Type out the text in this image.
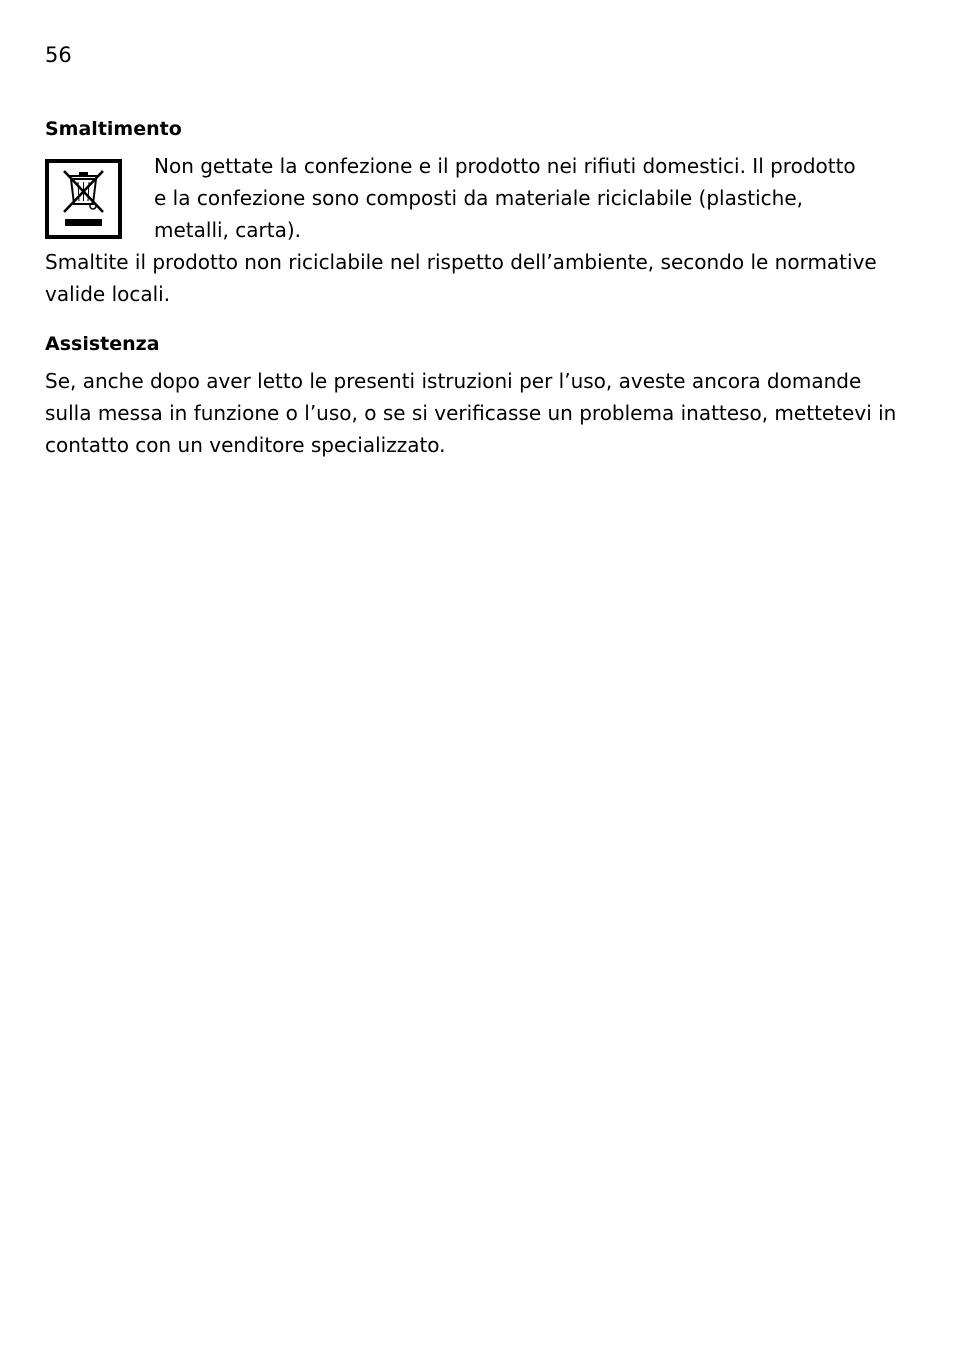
56
Smaltimento

Non gettate la confezione e il prodotto nei rifiuti domestici. Il prodotto e la confezione sono composti da materiale riciclabile (plastiche, metalli, carta).

Smaltite il prodotto non riciclabile nel rispetto dell’ambiente, secondo le normative valide locali.

Assistenza

Se, anche dopo aver letto le presenti istruzioni per l’uso, aveste ancora domande sulla messa in funzione o l’uso, o se si verificasse un problema inatteso, mettetevi in contatto con un venditore specializzato.
